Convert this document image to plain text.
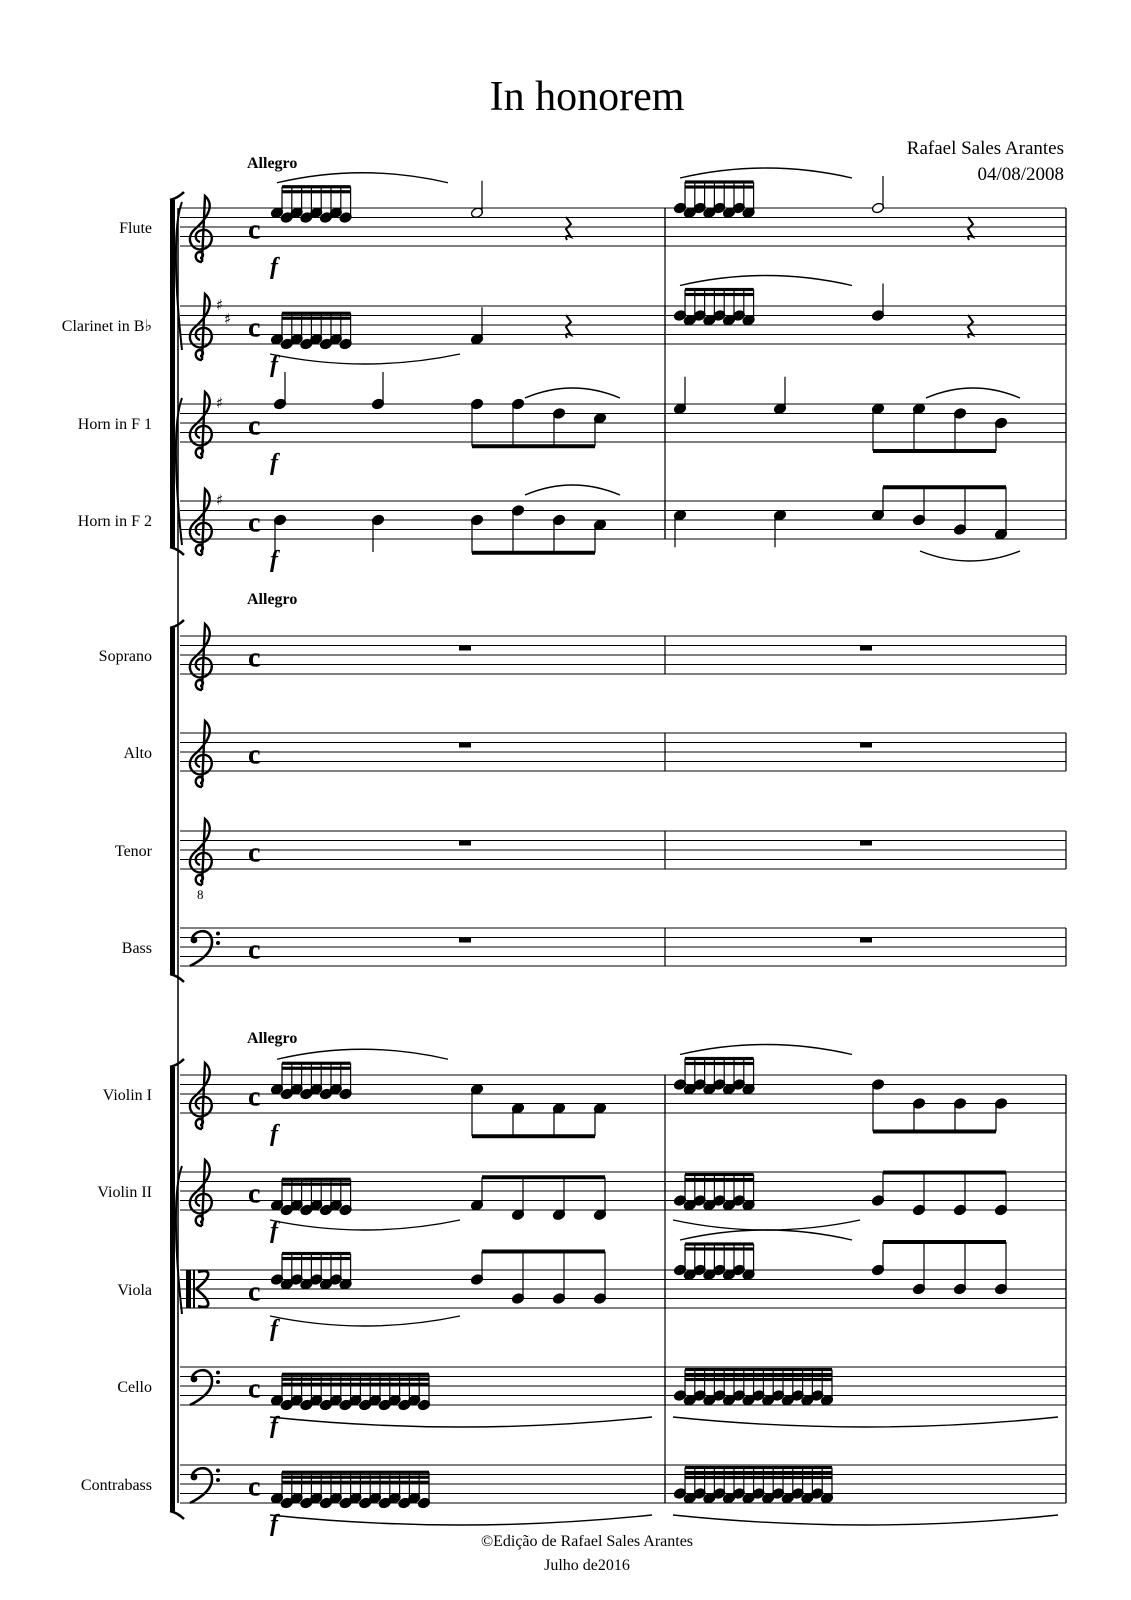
In honorem
Rafael Sales Arantes
04/08/2008
Allegro
Allegro
Allegro
Flute	c
f
Clarinet in B♭
♯
♯ c
f
Horn in F 1
♯
c
f
Horn in F 2
♯
c
f
Soprano	c
Alto	c
Tenor
8
c
Bass	c
Violin I	c
f
Violin II	c
f
Viola	c
f
Cello	c
f
Contrabass	c
f
©Edição de Rafael Sales Arantes
Julho de2016
